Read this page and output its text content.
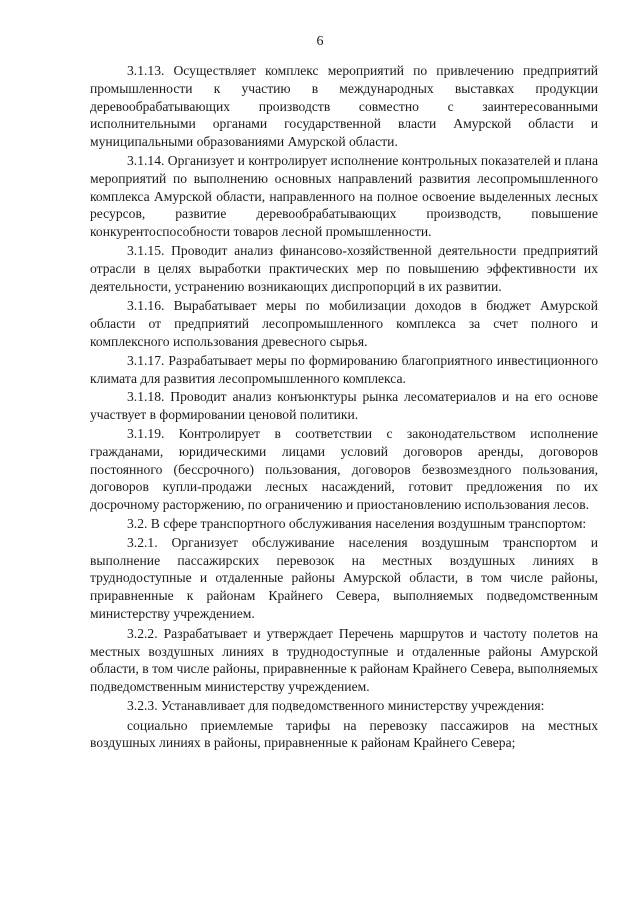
6

3.1.13. Осуществляет комплекс мероприятий по привлечению предприятий промышленности к участию в международных выставках продукции деревообрабатывающих производств совместно с заинтересованными исполнительными органами государственной власти Амурской области и муниципальными образованиями Амурской области.

3.1.14. Организует и контролирует исполнение контрольных показателей и плана мероприятий по выполнению основных направлений развития лесопромышленного комплекса Амурской области, направленного на полное освоение выделенных лесных ресурсов, развитие деревообрабатывающих производств, повышение конкурентоспособности товаров лесной промышленности.

3.1.15. Проводит анализ финансово-хозяйственной деятельности предприятий отрасли в целях выработки практических мер по повышению эффективности их деятельности, устранению возникающих диспропорций в их развитии.

3.1.16. Вырабатывает меры по мобилизации доходов в бюджет Амурской области от предприятий лесопромышленного комплекса за счет полного и комплексного использования древесного сырья.

3.1.17. Разрабатывает меры по формированию благоприятного инвестиционного климата для развития лесопромышленного комплекса.

3.1.18. Проводит анализ конъюнктуры рынка лесоматериалов и на его основе участвует в формировании ценовой политики.

3.1.19. Контролирует в соответствии с законодательством исполнение гражданами, юридическими лицами условий договоров аренды, договоров постоянного (бессрочного) пользования, договоров безвозмездного пользования, договоров купли-продажи лесных насаждений, готовит предложения по их досрочному расторжению, по ограничению и приостановлению использования лесов.

3.2. В сфере транспортного обслуживания населения воздушным транспортом:

3.2.1. Организует обслуживание населения воздушным транспортом и выполнение пассажирских перевозок на местных воздушных линиях в труднодоступные и отдаленные районы Амурской области, в том числе районы, приравненные к районам Крайнего Севера, выполняемых подведомственным министерству учреждением.

3.2.2. Разрабатывает и утверждает Перечень маршрутов и частоту полетов на местных воздушных линиях в труднодоступные и отдаленные районы Амурской области, в том числе районы, приравненные к районам Крайнего Севера, выполняемых подведомственным министерству учреждением.

3.2.3. Устанавливает для подведомственного министерству учреждения:

социально приемлемые тарифы на перевозку пассажиров на местных воздушных линиях в районы, приравненные к районам Крайнего Севера;
